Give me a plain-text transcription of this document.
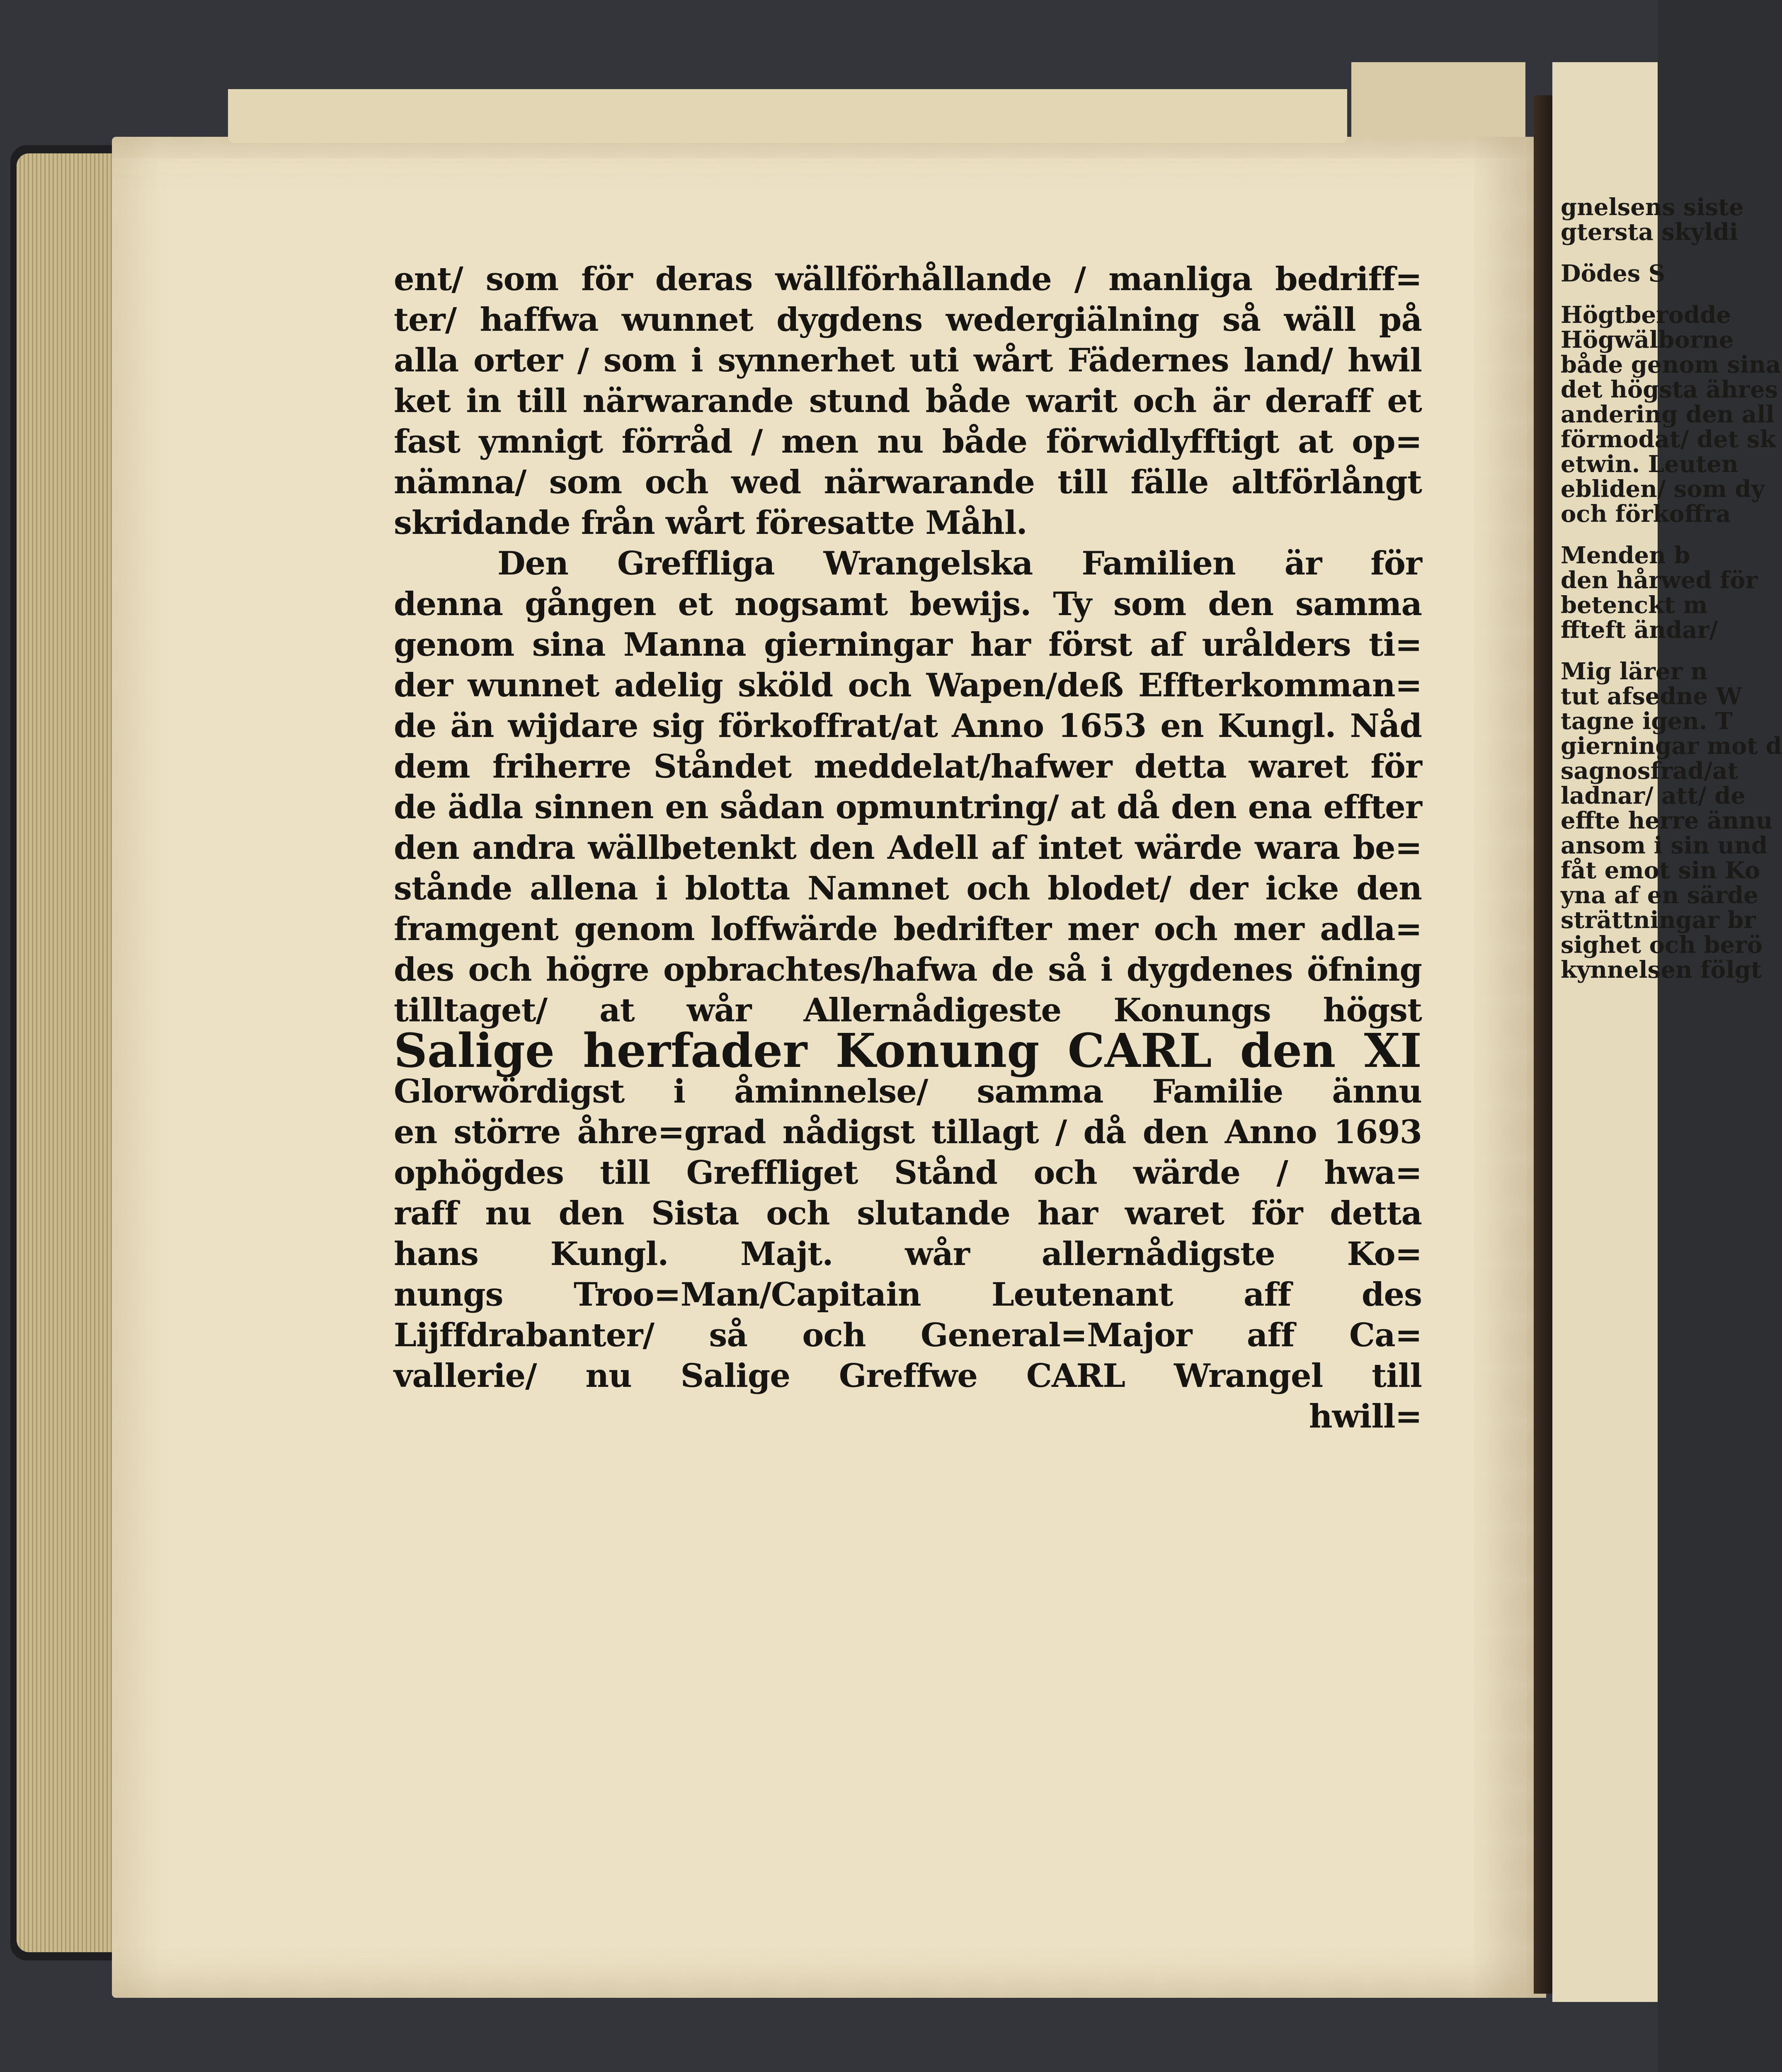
ent/ som för deras wällförhållande / manliga bedriff=
ter/ haffwa wunnet dygdens wedergiälning så wäll på
alla orter / som i synnerhet uti wårt Fädernes land/ hwil
ket in till närwarande stund både warit och är deraff et
fast ymnigt förråd / men nu både förwidlyfftigt at op=
nämna/ som och wed närwarande till fälle altförlångt
skridande från wårt föresatte Måhl.
Den Greffliga Wrangelska Familien är för
denna gången et nogsamt bewijs. Ty som den samma
genom sina Manna gierningar har först af urålders ti=
der wunnet adelig sköld och Wapen/deß Effterkomman=
de än wijdare sig förkoffrat/at Anno 1653 en Kungl. Nåd
dem friherre Ståndet meddelat/hafwer detta waret för
de ädla sinnen en sådan opmuntring/ at då den ena effter
den andra wällbetenkt den Adell af intet wärde wara be=
stånde allena i blotta Namnet och blodet/ der icke den
framgent genom loffwärde bedrifter mer och mer adla=
des och högre opbrachtes/hafwa de så i dygdenes öfning
tilltaget/ at wår Allernådigeste Konungs högst
Salige herfader Konung CARL den XI
Glorwördigst i åminnelse/ samma Familie ännu
en större åhre=grad nådigst tillagt / då den Anno 1693
ophögdes till Greffliget Stånd och wärde / hwa=
raff nu den Sista och slutande har waret för detta
hans Kungl. Majt. wår allernådigste Ko=
nungs Troo=Man/Capitain Leutenant aff des
Lijffdrabanter/ så och General=Major aff Ca=
vallerie/ nu Salige Greffwe CARL Wrangel till
hwill=
gnelsens siste
gtersta skyldi
Dödes S
Högtberodde
Högwälborne
både genom sina
det högsta ähres
andering den all
förmodat/ det sk
etwin. Leuten
ebliden/ som dy
och förkoffra
Menden b
den hårwed för
betenckt m
ffteft ändar/
Mig lärer n
tut afsedne W
tagne igen. T
gierningar mot d
sagnosfrad/at
ladnar/ att/ de
effte herre ännu
ansom i sin und
fåt emot sin Ko
yna af en särde
strättningar br
sighet och berö
kynnelsen fölgt
